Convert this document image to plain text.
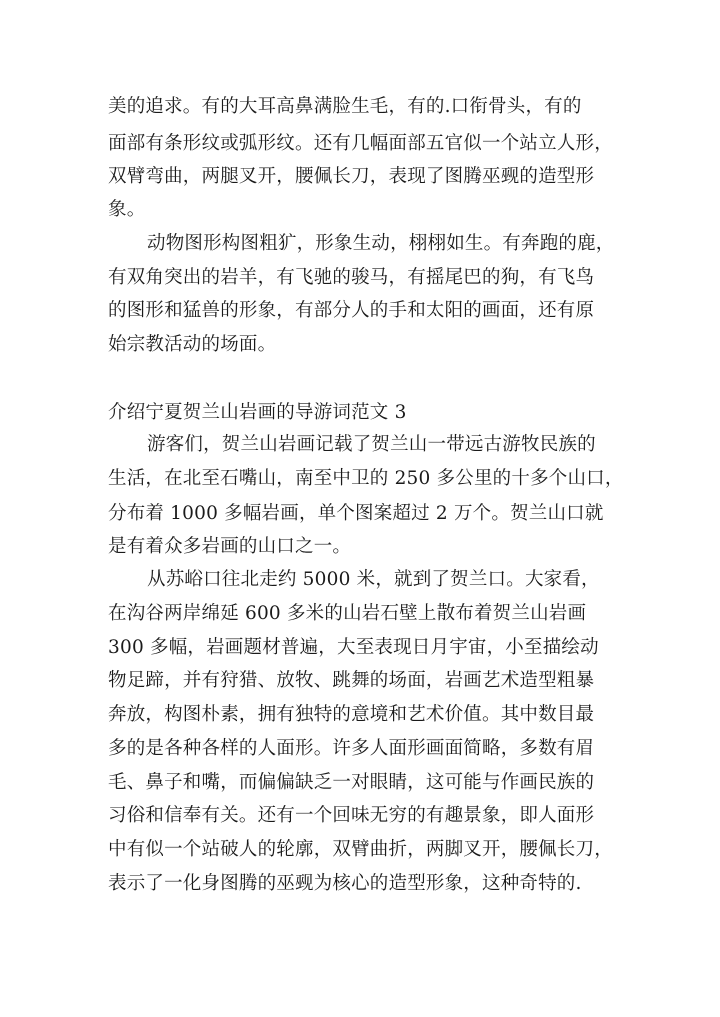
美的追求。有的大耳高鼻满脸生毛，有的.口衔骨头，有的
面部有条形纹或弧形纹。还有几幅面部五官似一个站立人形，
双臂弯曲，两腿叉开，腰佩长刀，表现了图腾巫觋的造型形
象。
动物图形构图粗犷，形象生动，栩栩如生。有奔跑的鹿，
有双角突出的岩羊，有飞驰的骏马，有摇尾巴的狗，有飞鸟
的图形和猛兽的形象，有部分人的手和太阳的画面，还有原
始宗教活动的场面。
介绍宁夏贺兰山岩画的导游词范文 3
游客们，贺兰山岩画记载了贺兰山一带远古游牧民族的
生活，在北至石嘴山，南至中卫的 250 多公里的十多个山口，
分布着 1000 多幅岩画，单个图案超过 2 万个。贺兰山口就
是有着众多岩画的山口之一。
从苏峪口往北走约 5000 米，就到了贺兰口。大家看，
在沟谷两岸绵延 600 多米的山岩石壁上散布着贺兰山岩画
300 多幅，岩画题材普遍，大至表现日月宇宙，小至描绘动
物足蹄，并有狩猎、放牧、跳舞的场面，岩画艺术造型粗暴
奔放，构图朴素，拥有独特的意境和艺术价值。其中数目最
多的是各种各样的人面形。许多人面形画面简略，多数有眉
毛、鼻子和嘴，而偏偏缺乏一对眼睛，这可能与作画民族的
习俗和信奉有关。还有一个回味无穷的有趣景象，即人面形
中有似一个站破人的轮廓，双臂曲折，两脚叉开，腰佩长刀，
表示了一化身图腾的巫觋为核心的造型形象，这种奇特的.
